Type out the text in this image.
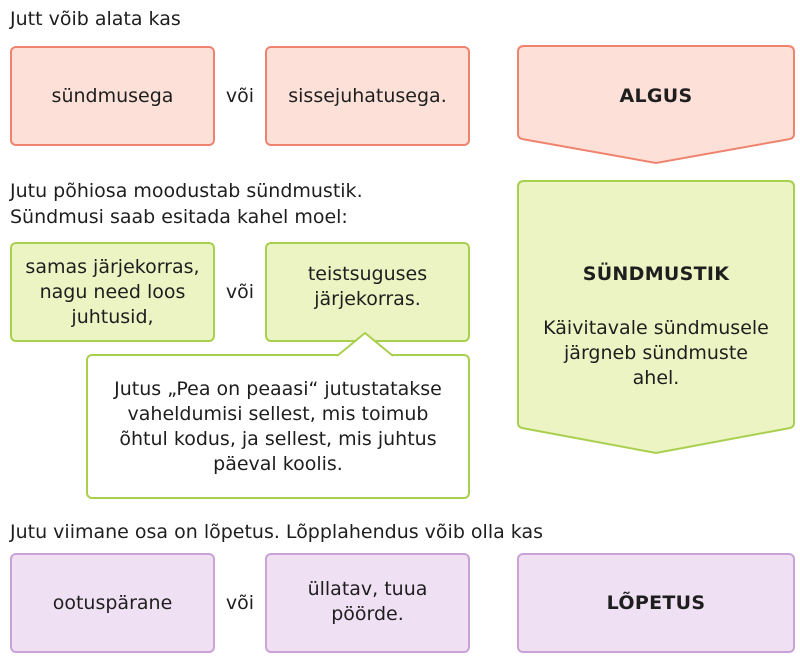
Jutt võib alata kas
sündmusega	või	sissejuhatusega.	ALGUS
Jutu põhiosa moodustab sündmustik.
Sündmusi saab esitada kahel moel:
samas järjekorras,
nagu need loos
juhtusid,
või
teistsuguses
järjekorras.
Jutus „Pea on peaasi“ jutustatakse
vaheldumisi sellest, mis toimub
õhtul kodus, ja sellest, mis juhtus
päeval koolis.
SÜNDMUSTIK
Käivitavale sündmusele
järgneb sündmuste
ahel.
Jutu viimane osa on lõpetus. Lõpplahendus võib olla kas
ootuspärane	või
üllatav, tuua
pöörde.
LÕPETUS
